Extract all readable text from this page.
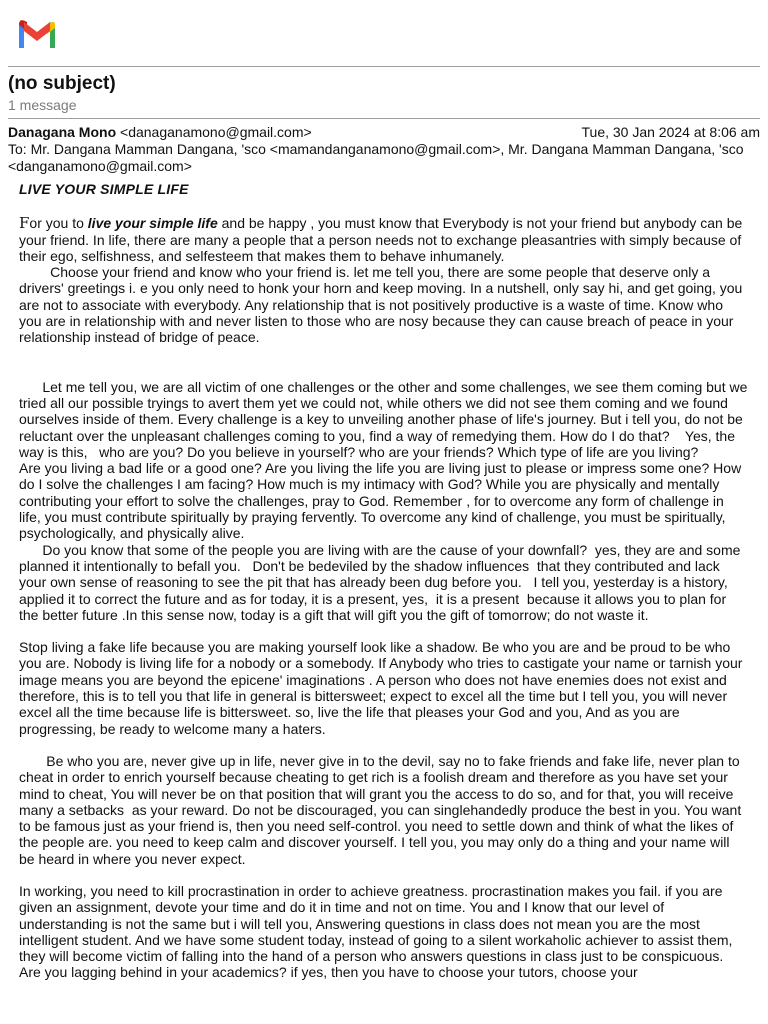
(no subject)
1 message
Danagana Mono <danaganamono@gmail.com>	Tue, 30 Jan 2024 at 8:06 am
To: Mr. Dangana Mamman Dangana, 'sco <mamandanganamono@gmail.com>, Mr. Dangana Mamman Dangana, 'sco <danganamono@gmail.com>
LIVE YOUR SIMPLE LIFE

For you to live your simple life and be happy , you must know that Everybody is not your friend but anybody can be your friend. In life, there are many a people that a person needs not to exchange pleasantries with simply because of their ego, selfishness, and selfesteem that makes them to behave inhumanely.

Choose your friend and know who your friend is. let me tell you, there are some people that deserve only a drivers' greetings i. e you only need to honk your horn and keep moving. In a nutshell, only say hi, and get going, you are not to associate with everybody. Any relationship that is not positively productive is a waste of time. Know who you are in relationship with and never listen to those who are nosy because they can cause breach of peace in your relationship instead of bridge of peace.

Let me tell you, we are all victim of one challenges or the other and some challenges, we see them coming but we tried all our possible tryings to avert them yet we could not, while others we did not see them coming and we found ourselves inside of them. Every challenge is a key to unveiling another phase of life's journey. But i tell you, do not be reluctant over the unpleasant challenges coming to you, find a way of remedying them. How do I do that?    Yes, the way is this,   who are you? Do you believe in yourself? who are your friends? Which type of life are you living?

Are you living a bad life or a good one? Are you living the life you are living just to please or impress some one? How do I solve the challenges I am facing? How much is my intimacy with God? While you are physically and mentally contributing your effort to solve the challenges, pray to God. Remember , for to overcome any form of challenge in life, you must contribute spiritually by praying fervently. To overcome any kind of challenge, you must be spiritually, psychologically, and physically alive.

Do you know that some of the people you are living with are the cause of your downfall?  yes, they are and some planned it intentionally to befall you.   Don't be bedeviled by the shadow influences  that they contributed and lack your own sense of reasoning to see the pit that has already been dug before you.   I tell you, yesterday is a history, applied it to correct the future and as for today, it is a present, yes,  it is a present  because it allows you to plan for the better future .In this sense now, today is a gift that will gift you the gift of tomorrow; do not waste it.

Stop living a fake life because you are making yourself look like a shadow. Be who you are and be proud to be who you are. Nobody is living life for a nobody or a somebody. If Anybody who tries to castigate your name or tarnish your image means you are beyond the epicene' imaginations . A person who does not have enemies does not exist and therefore, this is to tell you that life in general is bittersweet; expect to excel all the time but I tell you, you will never excel all the time because life is bittersweet. so, live the life that pleases your God and you, And as you are progressing, be ready to welcome many a haters.

Be who you are, never give up in life, never give in to the devil, say no to fake friends and fake life, never plan to cheat in order to enrich yourself because cheating to get rich is a foolish dream and therefore as you have set your mind to cheat, You will never be on that position that will grant you the access to do so, and for that, you will receive many a setbacks  as your reward. Do not be discouraged, you can singlehandedly produce the best in you. You want to be famous just as your friend is, then you need self-control. you need to settle down and think of what the likes of the people are. you need to keep calm and discover yourself. I tell you, you may only do a thing and your name will be heard in where you never expect.

In working, you need to kill procrastination in order to achieve greatness. procrastination makes you fail. if you are given an assignment, devote your time and do it in time and not on time. You and I know that our level of understanding is not the same but i will tell you, Answering questions in class does not mean you are the most intelligent student. And we have some student today, instead of going to a silent workaholic achiever to assist them, they will become victim of falling into the hand of a person who answers questions in class just to be conspicuous. Are you lagging behind in your academics? if yes, then you have to choose your tutors, choose your
